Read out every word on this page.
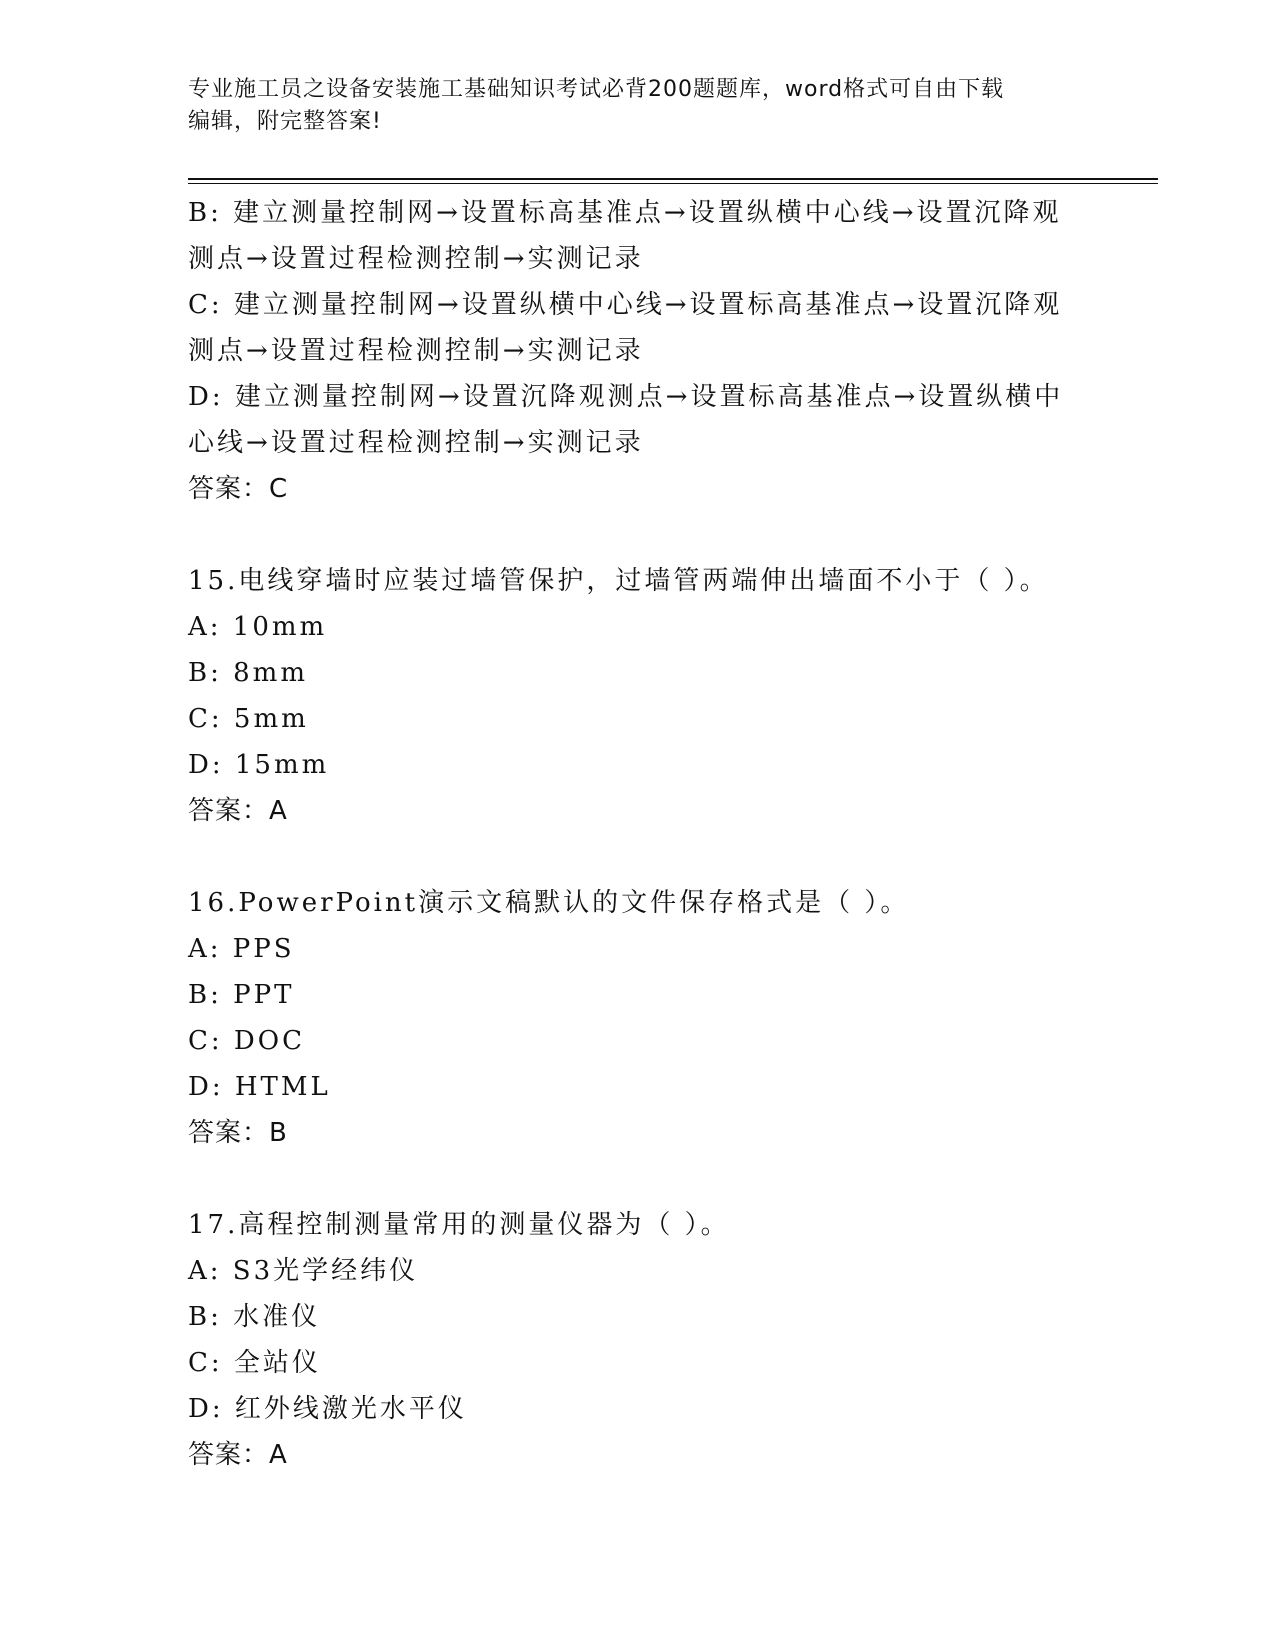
专业施工员之设备安装施工基础知识考试必背200题题库，word格式可自由下载
编辑，附完整答案!
B: 建立测量控制网→设置标高基准点→设置纵横中心线→设置沉降观
测点→设置过程检测控制→实测记录
C: 建立测量控制网→设置纵横中心线→设置标高基准点→设置沉降观
测点→设置过程检测控制→实测记录
D: 建立测量控制网→设置沉降观测点→设置标高基准点→设置纵横中
心线→设置过程检测控制→实测记录
答案：C
15.电线穿墙时应装过墙管保护，过墙管两端伸出墙面不小于（ ）。
A: 10mm
B: 8mm
C: 5mm
D: 15mm
答案：A
16.PowerPoint演示文稿默认的文件保存格式是（ ）。
A: PPS
B: PPT
C: DOC
D: HTML
答案：B
17.高程控制测量常用的测量仪器为（ ）。
A: S3光学经纬仪
B: 水准仪
C: 全站仪
D: 红外线激光水平仪
答案：A
